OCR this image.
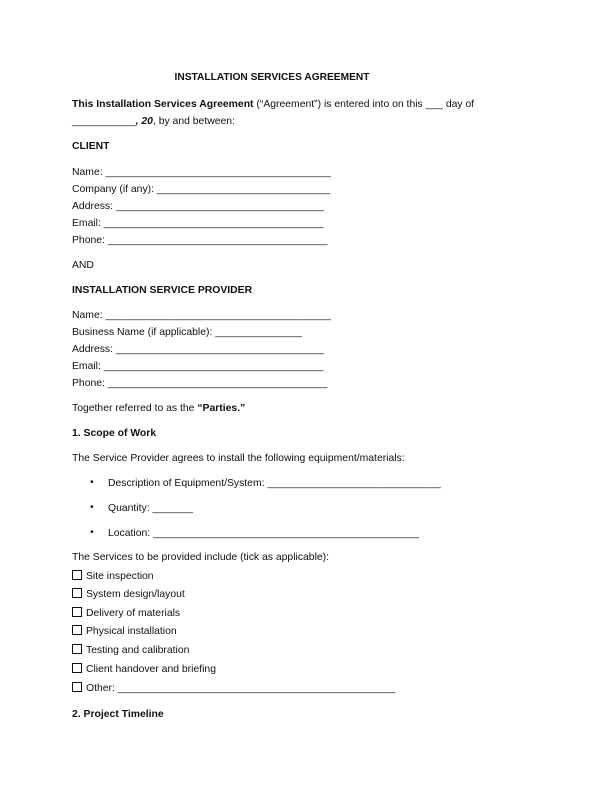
INSTALLATION SERVICES AGREEMENT
This Installation Services Agreement (“Agreement”) is entered into on this ___ day of
___________, 20, by and between:
CLIENT
Name: _______________________________________
Company (if any): ______________________________
Address: ____________________________________
Email: ______________________________________
Phone: ______________________________________
AND
INSTALLATION SERVICE PROVIDER
Name: _______________________________________
Business Name (if applicable): _______________
Address: ____________________________________
Email: ______________________________________
Phone: ______________________________________
Together referred to as the “Parties.”
1. Scope of Work
The Service Provider agrees to install the following equipment/materials:
• Description of Equipment/System: ______________________________
• Quantity: _______
• Location: ______________________________________________
The Services to be provided include (tick as applicable):
Site inspection
System design/layout
Delivery of materials
Physical installation
Testing and calibration
Client handover and briefing
Other: ________________________________________________
2. Project Timeline
